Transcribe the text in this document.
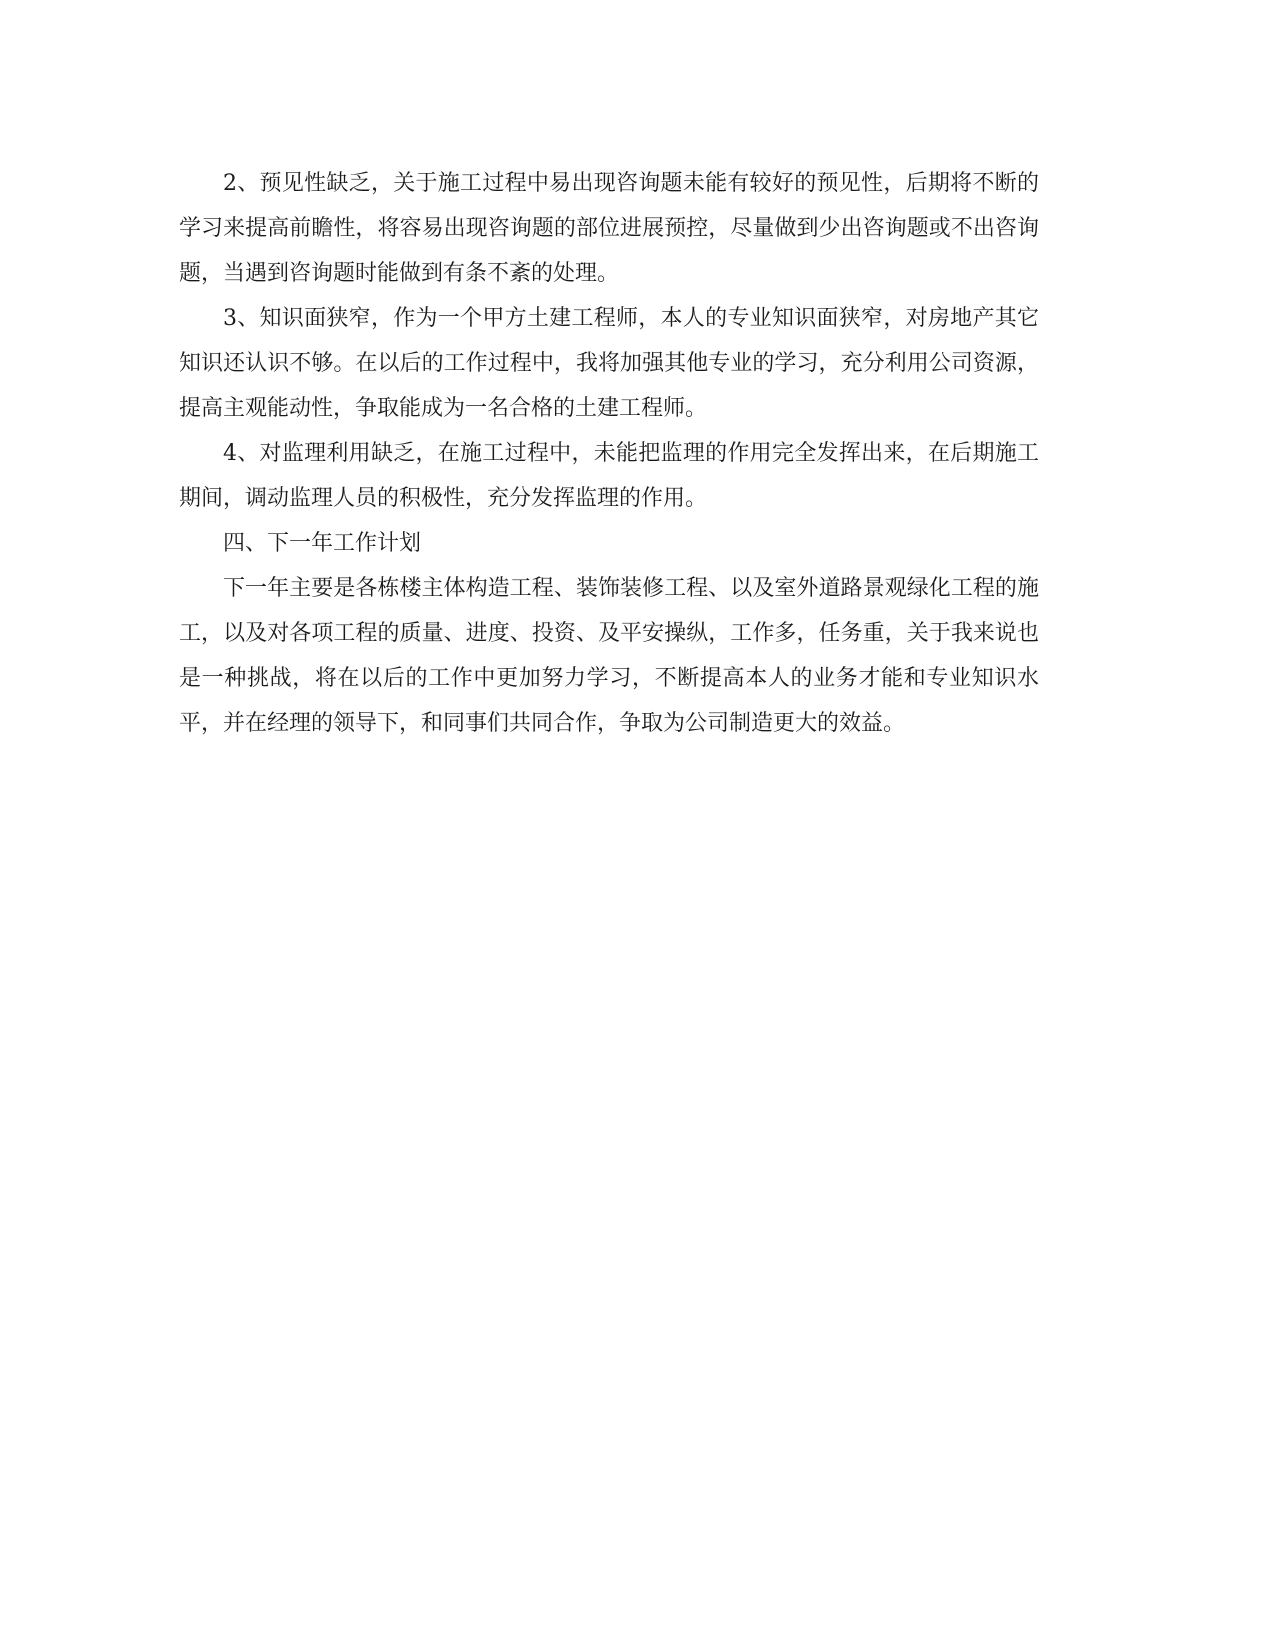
2、预见性缺乏，关于施工过程中易出现咨询题未能有较好的预见性，后期将不断的学习来提高前瞻性，将容易出现咨询题的部位进展预控，尽量做到少出咨询题或不出咨询题，当遇到咨询题时能做到有条不紊的处理。

3、知识面狭窄，作为一个甲方土建工程师，本人的专业知识面狭窄，对房地产其它知识还认识不够。在以后的工作过程中，我将加强其他专业的学习，充分利用公司资源，提高主观能动性，争取能成为一名合格的土建工程师。

4、对监理利用缺乏，在施工过程中，未能把监理的作用完全发挥出来，在后期施工期间，调动监理人员的积极性，充分发挥监理的作用。

四、下一年工作计划

下一年主要是各栋楼主体构造工程、装饰装修工程、以及室外道路景观绿化工程的施工，以及对各项工程的质量、进度、投资、及平安操纵，工作多，任务重，关于我来说也是一种挑战，将在以后的工作中更加努力学习，不断提高本人的业务才能和专业知识水平，并在经理的领导下，和同事们共同合作，争取为公司制造更大的效益。
